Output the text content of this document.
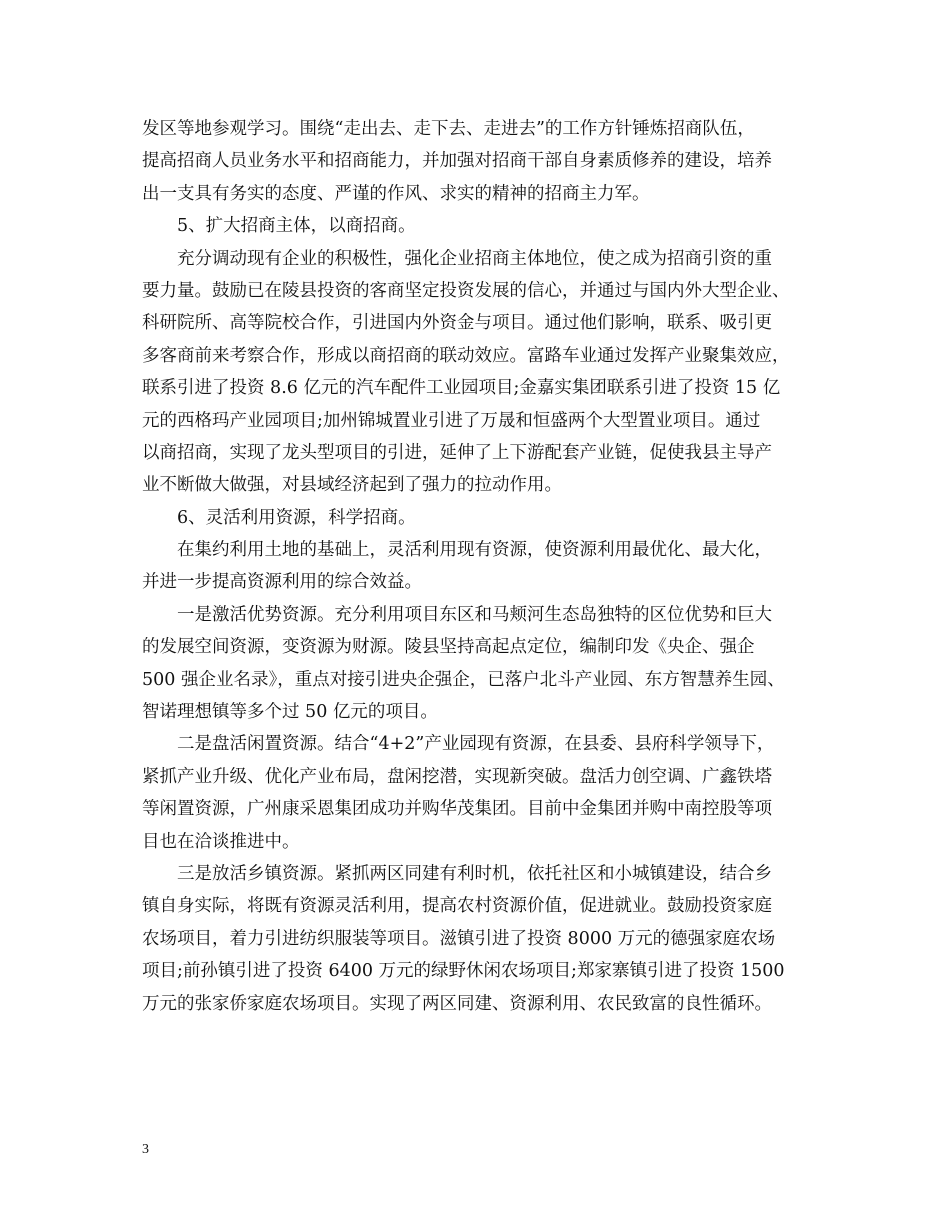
发区等地参观学习。围绕“走出去、走下去、走进去”的工作方针锤炼招商队伍，
提高招商人员业务水平和招商能力，并加强对招商干部自身素质修养的建设，培养
出一支具有务实的态度、严谨的作风、求实的精神的招商主力军。
5、扩大招商主体，以商招商。
充分调动现有企业的积极性，强化企业招商主体地位，使之成为招商引资的重
要力量。鼓励已在陵县投资的客商坚定投资发展的信心，并通过与国内外大型企业、
科研院所、高等院校合作，引进国内外资金与项目。通过他们影响，联系、吸引更
多客商前来考察合作，形成以商招商的联动效应。富路车业通过发挥产业聚集效应，
联系引进了投资 8.6 亿元的汽车配件工业园项目;金嘉实集团联系引进了投资 15 亿
元的西格玛产业园项目;加州锦城置业引进了万晟和恒盛两个大型置业项目。通过
以商招商，实现了龙头型项目的引进，延伸了上下游配套产业链，促使我县主导产
业不断做大做强，对县域经济起到了强力的拉动作用。
6、灵活利用资源，科学招商。
在集约利用土地的基础上，灵活利用现有资源，使资源利用最优化、最大化，
并进一步提高资源利用的综合效益。
一是激活优势资源。充分利用项目东区和马颊河生态岛独特的区位优势和巨大
的发展空间资源，变资源为财源。陵县坚持高起点定位，编制印发《央企、强企
500 强企业名录》，重点对接引进央企强企，已落户北斗产业园、东方智慧养生园、
智诺理想镇等多个过 50 亿元的项目。
二是盘活闲置资源。结合“4+2”产业园现有资源，在县委、县府科学领导下，
紧抓产业升级、优化产业布局，盘闲挖潜，实现新突破。盘活力创空调、广鑫铁塔
等闲置资源，广州康采恩集团成功并购华茂集团。目前中金集团并购中南控股等项
目也在洽谈推进中。
三是放活乡镇资源。紧抓两区同建有利时机，依托社区和小城镇建设，结合乡
镇自身实际，将既有资源灵活利用，提高农村资源价值，促进就业。鼓励投资家庭
农场项目，着力引进纺织服装等项目。滋镇引进了投资 8000 万元的德强家庭农场
项目;前孙镇引进了投资 6400 万元的绿野休闲农场项目;郑家寨镇引进了投资 1500
万元的张家侨家庭农场项目。实现了两区同建、资源利用、农民致富的良性循环。
3
